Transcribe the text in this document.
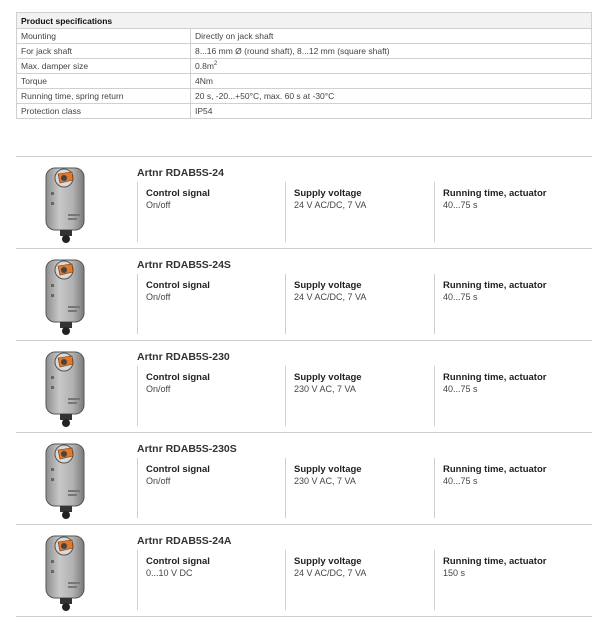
Product specifications	
Mounting	Directly on jack shaft
For jack shaft	8...16 mm Ø (round shaft), 8...12 mm (square shaft)
Max. damper size	$0.8m^2$
Torque	4Nm
Running time, spring return	20 s, -20...+50°C, max. 60 s at -30°C
Protection class	IP54
Artnr RDAB5S-24
Control signal
On/off
Supply voltage
24 V AC/DC, 7 VA
Running time, actuator
40...75 s
Artnr RDAB5S-24S
Control signal
On/off
Supply voltage
24 V AC/DC, 7 VA
Running time, actuator
40...75 s
Artnr RDAB5S-230
Control signal
On/off
Supply voltage
230 V AC, 7 VA
Running time, actuator
40...75 s
Artnr RDAB5S-230S
Control signal
On/off
Supply voltage
230 V AC, 7 VA
Running time, actuator
40...75 s
Artnr RDAB5S-24A
Control signal
0...10 V DC
Supply voltage
24 V AC/DC, 7 VA
Running time, actuator
150 s
